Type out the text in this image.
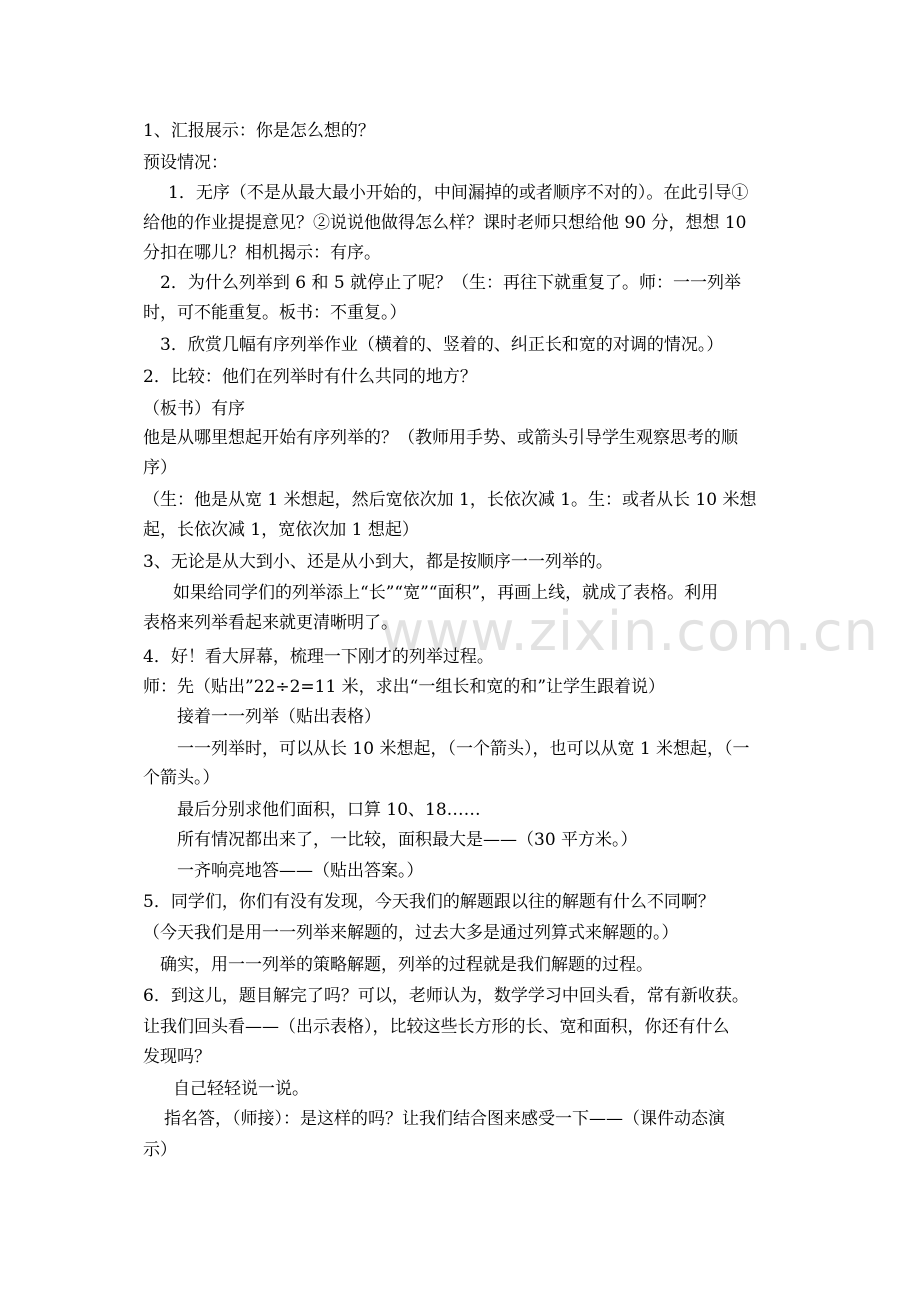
www.zixin.com.cn
1、汇报展示：你是怎么想的？
预设情况：
1．无序（不是从最大最小开始的，中间漏掉的或者顺序不对的）。在此引导①
给他的作业提提意见？②说说他做得怎么样？课时老师只想给他 90 分，想想 10
分扣在哪儿？相机揭示：有序。
2．为什么列举到 6 和 5 就停止了呢？（生：再往下就重复了。师：一一列举
时，可不能重复。板书：不重复。）
3．欣赏几幅有序列举作业（横着的、竖着的、纠正长和宽的对调的情况。）
2．比较：他们在列举时有什么共同的地方？
（板书）有序
他是从哪里想起开始有序列举的？（教师用手势、或箭头引导学生观察思考的顺
序）
（生：他是从宽 1 米想起，然后宽依次加 1，长依次减 1。生：或者从长 10 米想
起，长依次减 1，宽依次加 1 想起）
3、无论是从大到小、还是从小到大，都是按顺序一一列举的。
如果给同学们的列举添上“长”“宽”“面积”，再画上线，就成了表格。利用
表格来列举看起来就更清晰明了。
4．好！看大屏幕，梳理一下刚才的列举过程。
师：先（贴出”22÷2=11 米，求出“一组长和宽的和”让学生跟着说）
接着一一列举（贴出表格）
一一列举时，可以从长 10 米想起，（一个箭头），也可以从宽 1 米想起，（一
个箭头。）
最后分别求他们面积，口算 10、18……
所有情况都出来了，一比较，面积最大是——（30 平方米。）
一齐响亮地答——（贴出答案。）
5．同学们，你们有没有发现，今天我们的解题跟以往的解题有什么不同啊？
（今天我们是用一一列举来解题的，过去大多是通过列算式来解题的。）
确实，用一一列举的策略解题，列举的过程就是我们解题的过程。
6．到这儿，题目解完了吗？可以，老师认为，数学学习中回头看，常有新收获。
让我们回头看——（出示表格），比较这些长方形的长、宽和面积，你还有什么
发现吗？
自己轻轻说一说。
指名答，（师接）：是这样的吗？让我们结合图来感受一下——（课件动态演
示）
